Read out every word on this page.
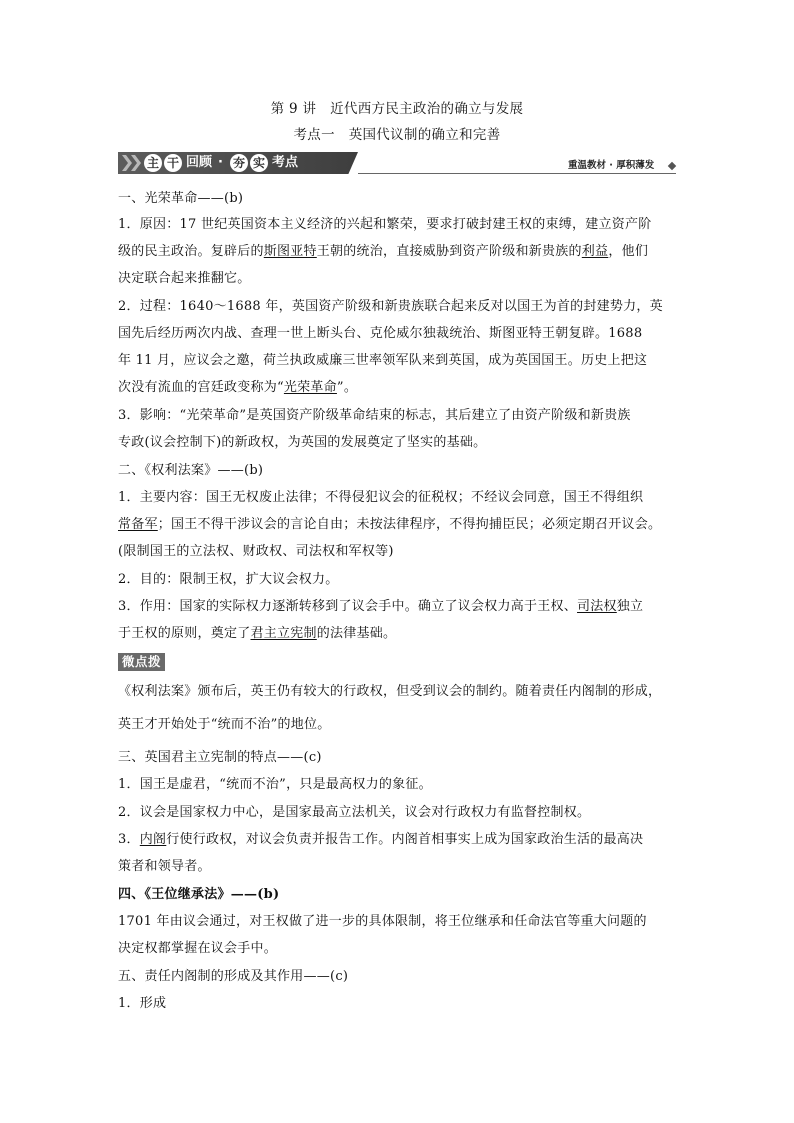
第 9 讲　近代西方民主政治的确立与发展
考点一　英国代议制的确立和完善
主 干 回顾 · 夯 实 考点	重温教材 · 厚积薄发
一、光荣革命——(b)
1．原因：17 世纪英国资本主义经济的兴起和繁荣，要求打破封建王权的束缚，建立资产阶
级的民主政治。复辟后的斯图亚特王朝的统治，直接威胁到资产阶级和新贵族的利益，他们
决定联合起来推翻它。
2．过程：1640～1688 年，英国资产阶级和新贵族联合起来反对以国王为首的封建势力，英
国先后经历两次内战、查理一世上断头台、克伦威尔独裁统治、斯图亚特王朝复辟。1688
年 11 月，应议会之邀，荷兰执政威廉三世率领军队来到英国，成为英国国王。历史上把这
次没有流血的宫廷政变称为“光荣革命”。
3．影响：“光荣革命”是英国资产阶级革命结束的标志，其后建立了由资产阶级和新贵族
专政(议会控制下)的新政权，为英国的发展奠定了坚实的基础。
二、《权利法案》——(b)
1．主要内容：国王无权废止法律；不得侵犯议会的征税权；不经议会同意，国王不得组织
常备军；国王不得干涉议会的言论自由；未按法律程序，不得拘捕臣民；必须定期召开议会。
(限制国王的立法权、财政权、司法权和军权等)
2．目的：限制王权，扩大议会权力。
3．作用：国家的实际权力逐渐转移到了议会手中。确立了议会权力高于王权、司法权独立
于王权的原则，奠定了君主立宪制的法律基础。
微点拨
《权利法案》颁布后，英王仍有较大的行政权，但受到议会的制约。随着责任内阁制的形成，
英王才开始处于“统而不治”的地位。
三、英国君主立宪制的特点——(c)
1．国王是虚君，“统而不治”，只是最高权力的象征。
2．议会是国家权力中心，是国家最高立法机关，议会对行政权力有监督控制权。
3．内阁行使行政权，对议会负责并报告工作。内阁首相事实上成为国家政治生活的最高决
策者和领导者。
四、《王位继承法》——(b)
1701 年由议会通过，对王权做了进一步的具体限制，将王位继承和任命法官等重大问题的
决定权都掌握在议会手中。
五、责任内阁制的形成及其作用——(c)
1．形成
